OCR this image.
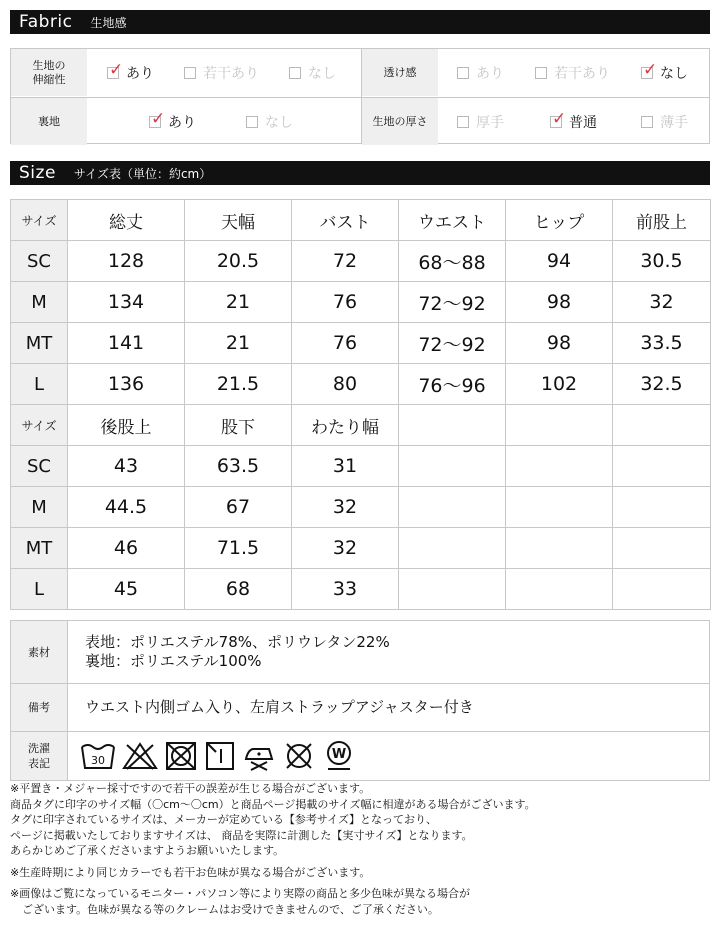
Fabric 生地感
生地の
伸縮性	✓ あり	若干あり	なし	透け感	あり	若干あり ✓ なし
裏地	✓ あり	なし	生地の厚さ	厚手	✓ 普通	薄手
Size サイズ表（単位：約cm）
サイズ	総丈	天幅	バスト	ウエスト	ヒップ	前股上
SC	128	20.5	72	68〜88	94	30.5
M	134	21	76	72〜92	98	32
MT	141	21	76	72〜92	98	33.5
L	136	21.5	80	76〜96	102	32.5
サイズ	後股上	股下	わたり幅			
SC	43	63.5	31			
M	44.5	67	32			
MT	46	71.5	32			
L	45	68	33			
素材	表地：ポリエステル78%、ポリウレタン22%
裏地：ポリエステル100%

備考	ウエスト内側ゴム入り、左肩ストラップアジャスター付き
洗濯
表記	30 W

※平置き・メジャー採寸ですので若干の誤差が生じる場合がございます。

商品タグに印字のサイズ幅（〇cm〜〇cm）と商品ページ掲載のサイズ幅に相違がある場合がございます。

タグに印字されているサイズは、メーカーが定めている【参考サイズ】となっており、

ページに掲載いたしておりますサイズは、 商品を実際に計測した【実寸サイズ】となります。

あらかじめご了承くださいますようお願いいたします。

※生産時期により同じカラーでも若干お色味が異なる場合がございます。

※画像はご覧になっているモニター・パソコン等により実際の商品と多少色味が異なる場合が

ございます。色味が異なる等のクレームはお受けできませんので、ご了承ください。
